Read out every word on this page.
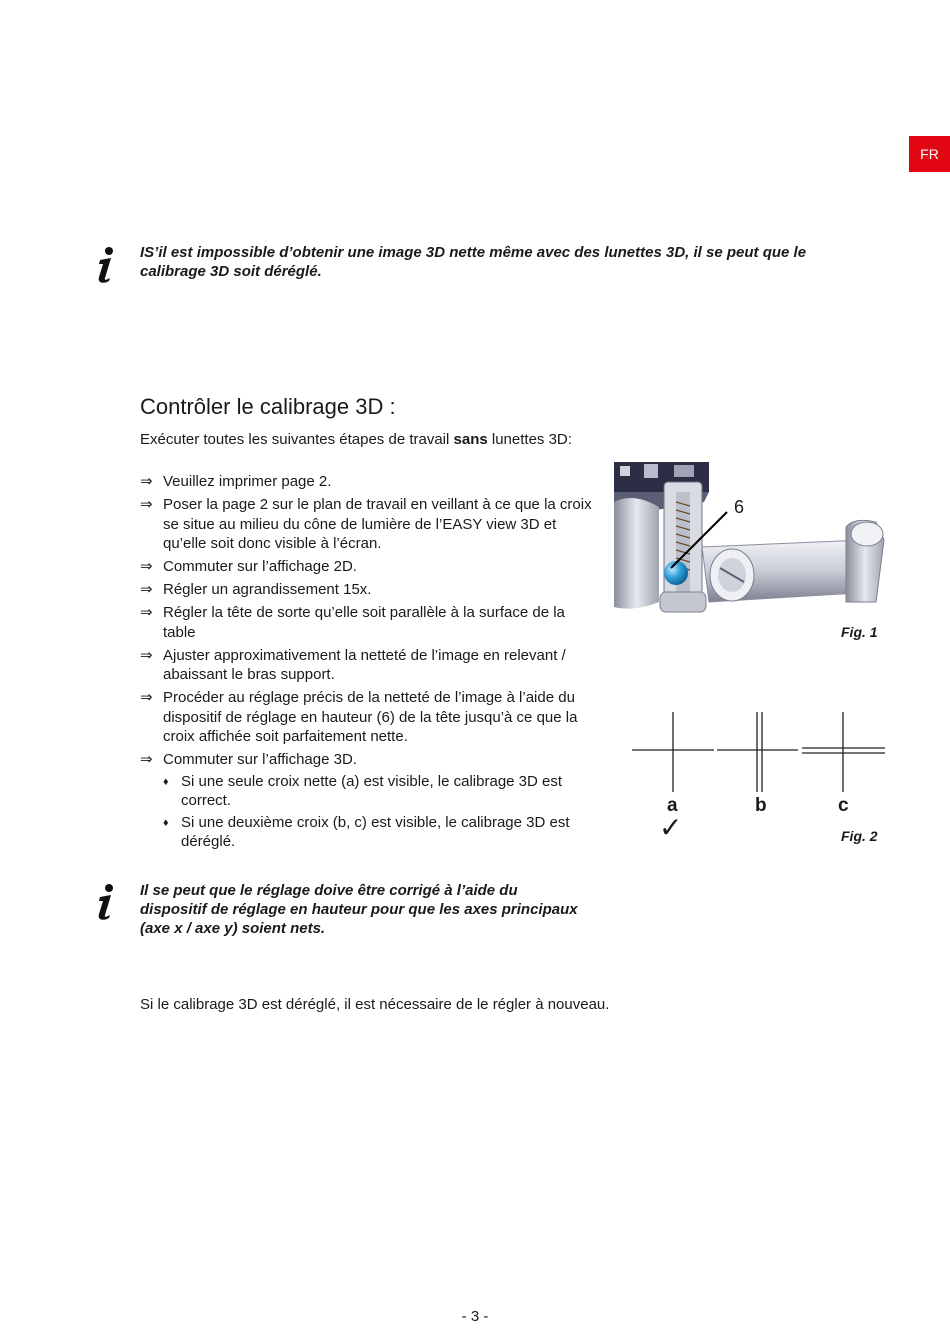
FR
IS’il est impossible d’obtenir une image 3D nette même avec des lunettes 3D, il se peut que le calibrage 3D soit déréglé.
Contrôler le calibrage 3D :
Exécuter toutes les suivantes étapes de travail sans lunettes 3D:
⇒ Veuillez imprimer page 2.
⇒ Poser la page 2 sur le plan de travail en veillant à ce que la croix se situe au milieu du cône de lumière de l’EASY view 3D et qu’elle soit donc visible à l’écran.
⇒ Commuter sur l’affichage 2D.
⇒ Régler un agrandissement 15x.
⇒ Régler la tête de sorte qu’elle soit parallèle à la surface de la table
⇒ Ajuster approximativement la netteté de l’image en relevant / abaissant le bras support.
⇒ Procéder au réglage précis de la netteté de l’image à l’aide du dispositif de réglage en hauteur (6) de la tête jusqu’à ce que la croix affichée soit parfaitement nette.
⇒ Commuter sur l’affichage 3D.
♦ Si une seule croix nette (a) est visible, le calibrage 3D est correct.
♦ Si une deuxième croix (b, c) est visible, le calibrage 3D est déréglé.
6
Fig. 1
a	b	c
✓	Fig. 2
Il se peut que le réglage doive être corrigé à l’aide du dispositif de réglage en hauteur pour que les axes principaux (axe x / axe y) soient nets.
Si le calibrage 3D est déréglé, il est nécessaire de le régler à nouveau.
- 3 -
